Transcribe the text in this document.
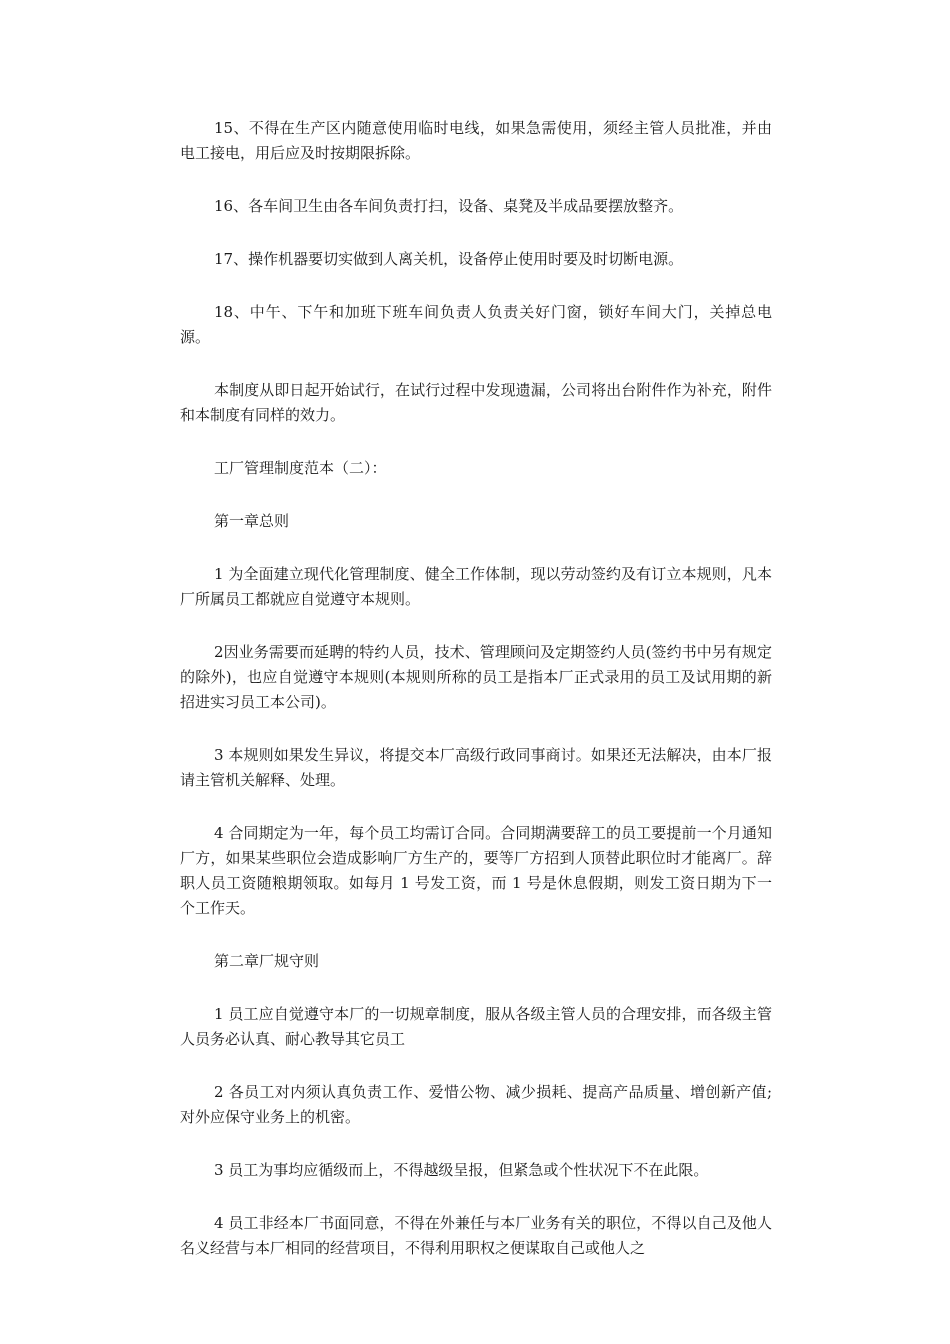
15、不得在生产区内随意使用临时电线，如果急需使用，须经主管人员批准，并由电工接电，用后应及时按期限拆除。

16、各车间卫生由各车间负责打扫，设备、桌凳及半成品要摆放整齐。

17、操作机器要切实做到人离关机，设备停止使用时要及时切断电源。

18、中午、下午和加班下班车间负责人负责关好门窗，锁好车间大门，关掉总电源。

本制度从即日起开始试行，在试行过程中发现遗漏，公司将出台附件作为补充，附件和本制度有同样的效力。

工厂管理制度范本（二）：

第一章总则

1 为全面建立现代化管理制度、健全工作体制，现以劳动签约及有订立本规则，凡本厂所属员工都就应自觉遵守本规则。

2因业务需要而延聘的特约人员，技术、管理顾问及定期签约人员(签约书中另有规定的除外)，也应自觉遵守本规则(本规则所称的员工是指本厂正式录用的员工及试用期的新招进实习员工本公司)。

3 本规则如果发生异议，将提交本厂高级行政同事商讨。如果还无法解决，由本厂报请主管机关解释、处理。

4 合同期定为一年，每个员工均需订合同。合同期满要辞工的员工要提前一个月通知厂方，如果某些职位会造成影响厂方生产的，要等厂方招到人顶替此职位时才能离厂。辞职人员工资随粮期领取。如每月 1 号发工资，而 1 号是休息假期，则发工资日期为下一个工作天。

第二章厂规守则

1 员工应自觉遵守本厂的一切规章制度，服从各级主管人员的合理安排，而各级主管人员务必认真、耐心教导其它员工

2 各员工对内须认真负责工作、爱惜公物、减少损耗、提高产品质量、增创新产值;对外应保守业务上的机密。

3 员工为事均应循级而上，不得越级呈报，但紧急或个性状况下不在此限。

4 员工非经本厂书面同意，不得在外兼任与本厂业务有关的职位，不得以自己及他人名义经营与本厂相同的经营项目，不得利用职权之便谋取自己或他人之
